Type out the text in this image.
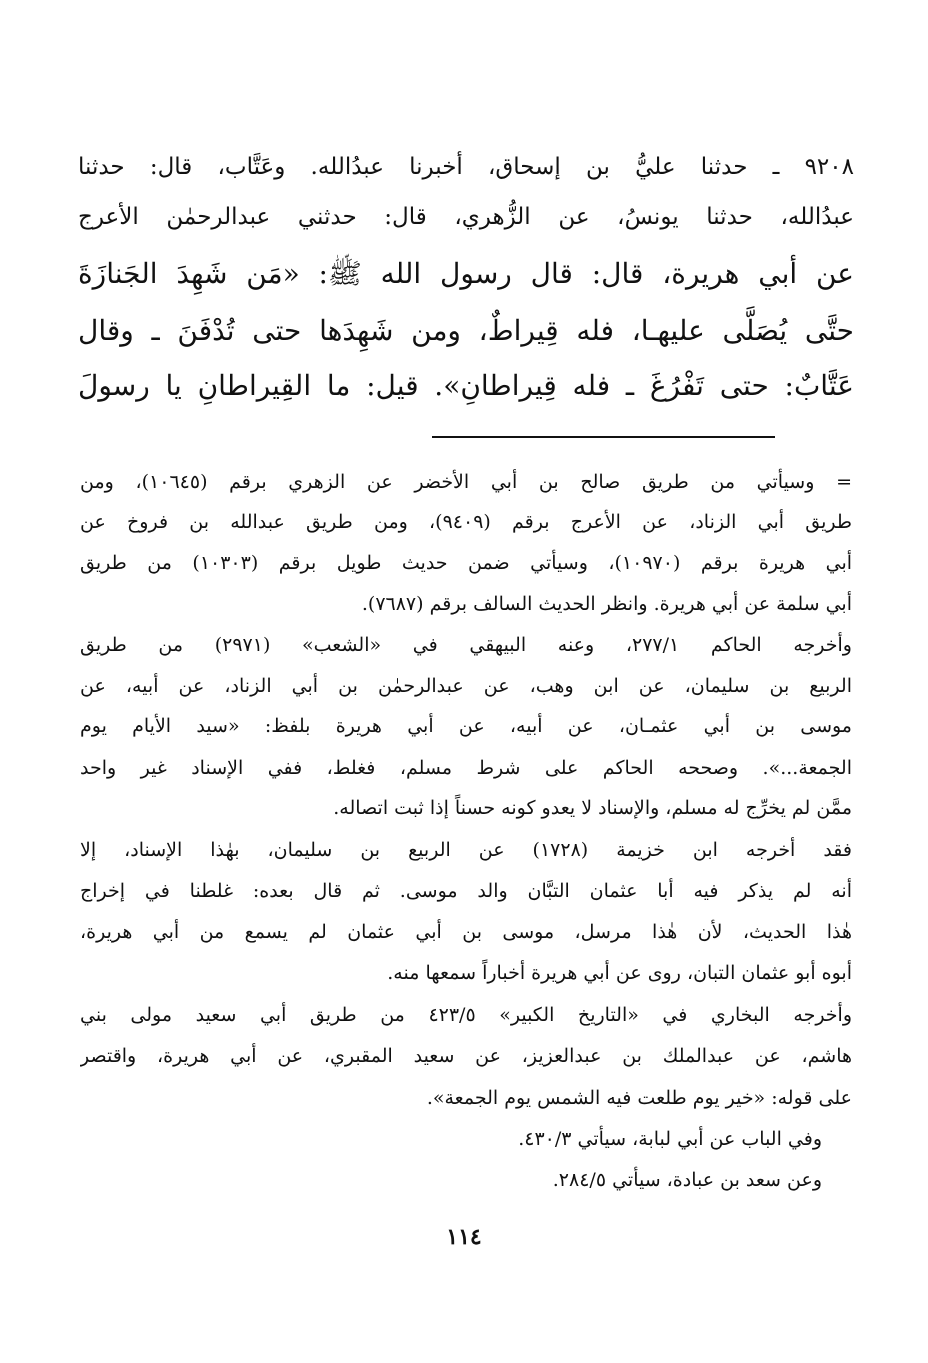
٩٢٠٨ ـ حدثنا عليُّ بن إسحاق، أخبرنا عبدُالله. وعَتَّاب، قال: حدثنا
عبدُالله، حدثنا يونسُ، عن الزُّهري، قال: حدثني عبدالرحمٰن الأعرج
عن أبي هريرة، قال: قال رسول الله ﷺ: «مَن شَهِدَ الجَنازَةَ
حتَّى يُصَلَّى عليهـا، فله قِيراطٌ، ومن شَهِدَها حتى تُدْفَنَ ـ وقال
عَتَّابٌ: حتى تَفْرُغَ ـ فله قِيراطانِ». قيل: ما القِيراطانِ يا رسولَ
= وسيأتي من طريق صالح بن أبي الأخضر عن الزهري برقم (١٠٦٤٥)، ومن
طريق أبي الزناد، عن الأعرج برقم (٩٤٠٩)، ومن طريق عبدالله بن فروخ عن
أبي هريرة برقم (١٠٩٧٠)، وسيأتي ضمن حديث طويل برقم (١٠٣٠٣) من طريق
أبي سلمة عن أبي هريرة. وانظر الحديث السالف برقم (٧٦٨٧).
وأخرجه الحاكم ٢٧٧/١، وعنه البيهقي في «الشعب» (٢٩٧١) من طريق
الربيع بن سليمان، عن ابن وهب، عن عبدالرحمٰن بن أبي الزناد، عن أبيه، عن
موسى بن أبي عثمـان، عن أبيه، عن أبي هريرة بلفظ: «سيد الأيام يوم
الجمعة...». وصححه الحاكم على شرط مسلم، فغلط، ففي الإسناد غير واحد
ممَّن لم يخرِّج له مسلم، والإسناد لا يعدو كونه حسناً إذا ثبت اتصاله.
فقد أخرجه ابن خزيمة (١٧٢٨) عن الربيع بن سليمان، بهٰذا الإسناد، إلا
أنه لم يذكر فيه أبا عثمان التبَّان والد موسى. ثم قال بعده: غلطنا في إخراج
هٰذا الحديث، لأن هٰذا مرسل، موسى بن أبي عثمان لم يسمع من أبي هريرة،
أبوه أبو عثمان التبان، روى عن أبي هريرة أخباراً سمعها منه.
وأخرجه البخاري في «التاريخ الكبير» ٤٢٣/٥ من طريق أبي سعيد مولى بني
هاشم، عن عبدالملك بن عبدالعزيز، عن سعيد المقبري، عن أبي هريرة، واقتصر
على قوله: «خير يوم طلعت فيه الشمس يوم الجمعة».
وفي الباب عن أبي لبابة، سيأتي ٤٣٠/٣.
وعن سعد بن عبادة، سيأتي ٢٨٤/٥.
١١٤
